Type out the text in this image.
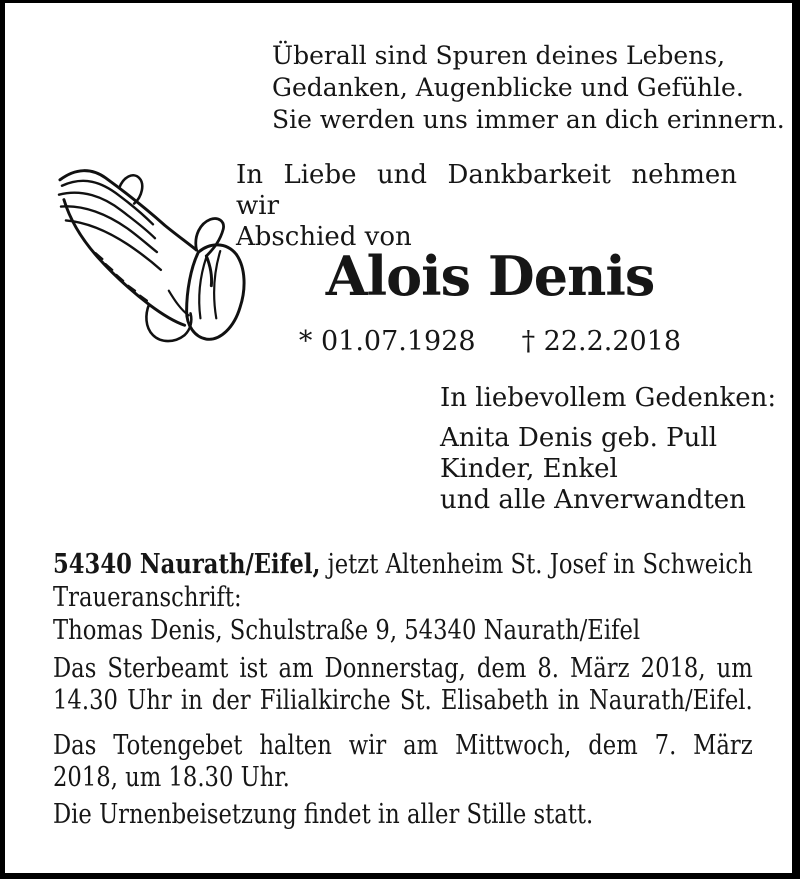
Überall sind Spuren deines Lebens,
Gedanken, Augenblicke und Gefühle.
Sie werden uns immer an dich erinnern.
In Liebe und Dankbarkeit nehmen wir
Abschied von
Alois Denis
* 01.07.1928 † 22.2.2018
In liebevollem Gedenken:
Anita Denis geb. Pull
Kinder, Enkel
und alle Anverwandten
54340 Naurath/Eifel, jetzt Altenheim St. Josef in Schweich
Traueranschrift:
Thomas Denis, Schulstraße 9, 54340 Naurath/Eifel
Das Sterbeamt ist am Donnerstag, dem 8. März 2018, um
14.30 Uhr in der Filialkirche St. Elisabeth in Naurath/Eifel.
Das Totengebet halten wir am Mittwoch, dem 7. März
2018, um 18.30 Uhr.
Die Urnenbeisetzung findet in aller Stille statt.
